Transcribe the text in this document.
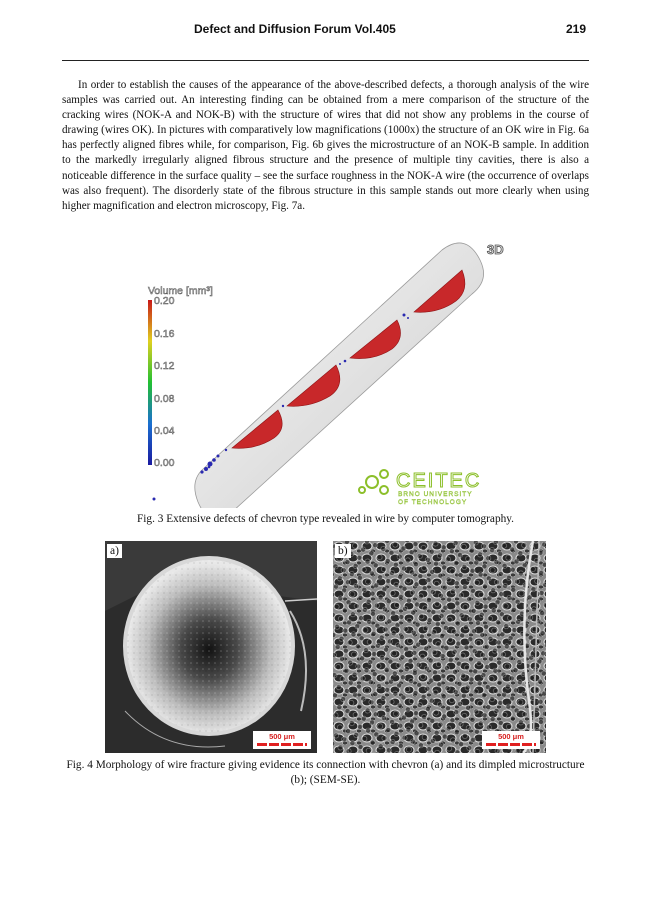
Defect and Diffusion Forum Vol.405	219

In order to establish the causes of the appearance of the above-described defects, a thorough analysis of the wire samples was carried out. An interesting finding can be obtained from a mere comparison of the structure of the cracking wires (NOK-A and NOK-B) with the structure of wires that did not show any problems in the course of drawing (wires OK). In pictures with comparatively low magnifications (1000x) the structure of an OK wire in Fig. 6a has perfectly aligned fibres while, for comparison, Fig. 6b gives the microstructure of an NOK-B sample. In addition to the markedly irregularly aligned fibrous structure and the presence of multiple tiny cavities, there is also a noticeable difference in the surface quality – see the surface roughness in the NOK-A wire (the occurrence of overlaps was also frequent). The disorderly state of the fibrous structure in this sample stands out more clearly when using higher magnification and electron microscopy, Fig. 7a.

3D
Volume [mm³]
0.20
0.16
0.12
0.08
0.04
0.00
CEITEC
BRNO UNIVERSITY
OF TECHNOLOGY

Fig. 3 Extensive defects of chevron type revealed in wire by computer tomography.

a)
500 μm
b)
500 μm

Fig. 4 Morphology of wire fracture giving evidence its connection with chevron (a) and its dimpled microstructure (b); (SEM-SE).
